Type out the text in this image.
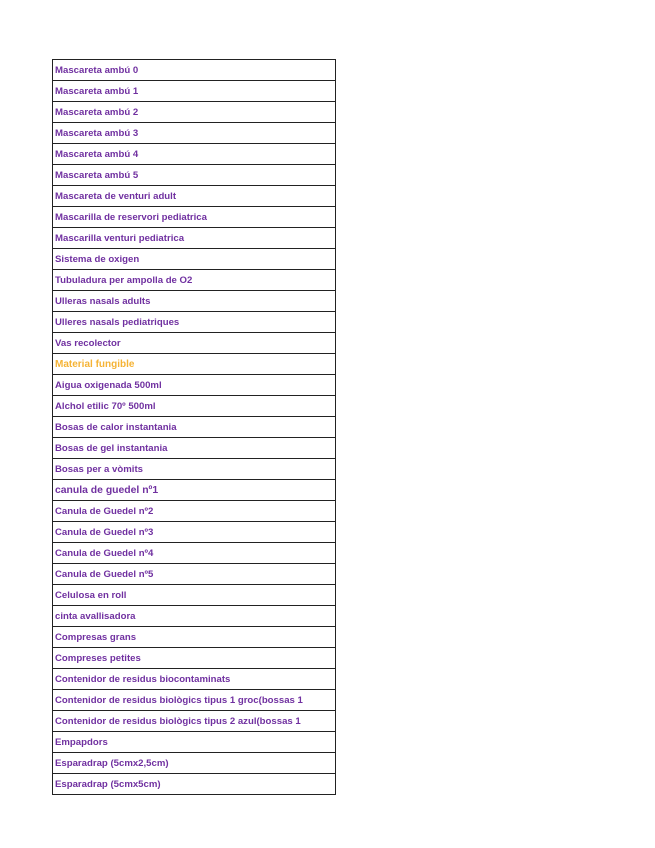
Mascareta ambú 0
Mascareta ambú 1
Mascareta ambú 2
Mascareta ambú 3
Mascareta ambú 4
Mascareta ambú 5
Mascareta de venturi adult
Mascarilla de reservori pediatrica
Mascarilla venturi pediatrica
Sistema de oxigen
Tubuladura per ampolla de O2
Ulleras nasals adults
Ulleres nasals pediatriques
Vas recolector
Material fungible
Aigua oxigenada 500ml
Alchol etilic 70º 500ml
Bosas de calor instantania
Bosas de gel instantania
Bosas per a vòmits
canula de guedel nº1
Canula de Guedel nº2
Canula de Guedel nº3
Canula de Guedel nº4
Canula de Guedel nº5
Celulosa en roll
cinta avallisadora
Compresas grans
Compreses petites
Contenidor de residus biocontaminats
Contenidor de residus biològics tipus 1 groc(bossas 1
Contenidor de residus biològics tipus 2 azul(bossas 1
Empapdors
Esparadrap (5cmx2,5cm)
Esparadrap (5cmx5cm)
